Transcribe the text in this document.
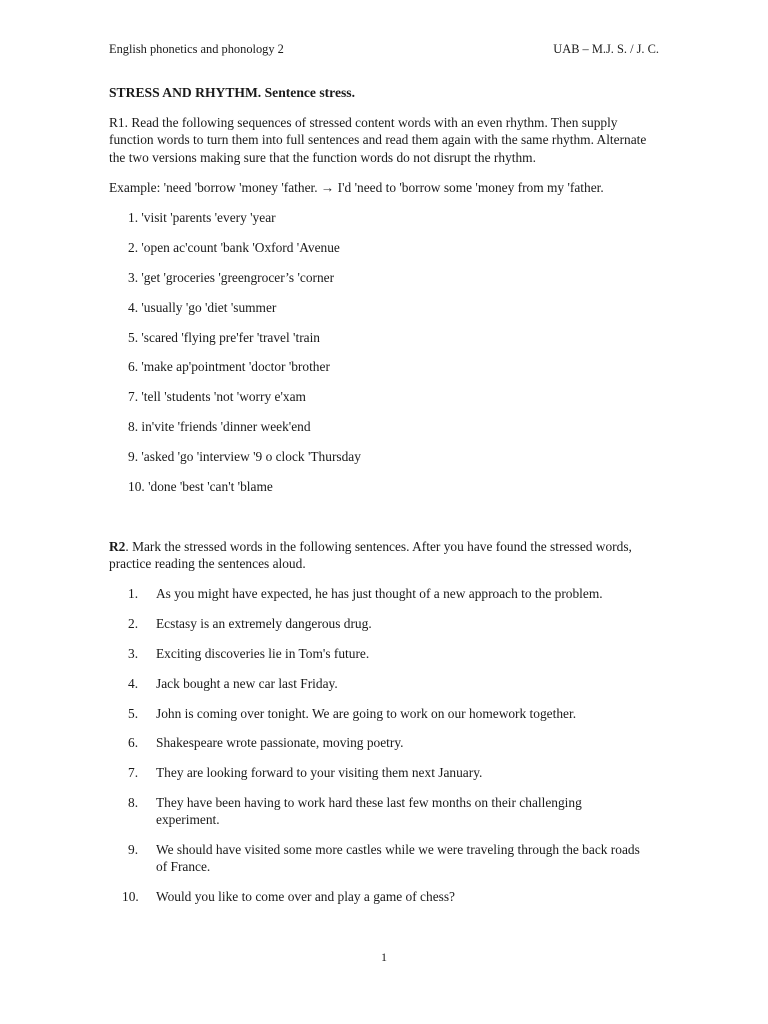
English phonetics and phonology 2	UAB – M.J. S. / J. C.
STRESS AND RHYTHM. Sentence stress.
R1. Read the following sequences of stressed content words with an even rhythm. Then supply function words to turn them into full sentences and read them again with the same rhythm. Alternate the two versions making sure that the function words do not disrupt the rhythm.
Example: 'need 'borrow 'money 'father. → I'd 'need to 'borrow some 'money from my 'father.
1. 'visit 'parents 'every 'year
2. 'open ac'count 'bank 'Oxford 'Avenue
3. 'get 'groceries 'greengrocer’s 'corner
4. 'usually 'go 'diet 'summer
5. 'scared 'flying pre'fer 'travel 'train
6. 'make ap'pointment 'doctor 'brother
7. 'tell 'students 'not 'worry e'xam
8. in'vite 'friends 'dinner week'end
9. 'asked 'go 'interview '9 o clock 'Thursday
10. 'done 'best 'can't 'blame
R2. Mark the stressed words in the following sentences. After you have found the stressed words, practice reading the sentences aloud.
1.	As you might have expected, he has just thought of a new approach to the problem.
2.	Ecstasy is an extremely dangerous drug.
3.	Exciting discoveries lie in Tom's future.
4.	Jack bought a new car last Friday.
5.	John is coming over tonight. We are going to work on our homework together.
6.	Shakespeare wrote passionate, moving poetry.
7.	They are looking forward to your visiting them next January.
8.	They have been having to work hard these last few months on their challenging experiment.
9.	We should have visited some more castles while we were traveling through the back roads of France.
10.	Would you like to come over and play a game of chess?
1
